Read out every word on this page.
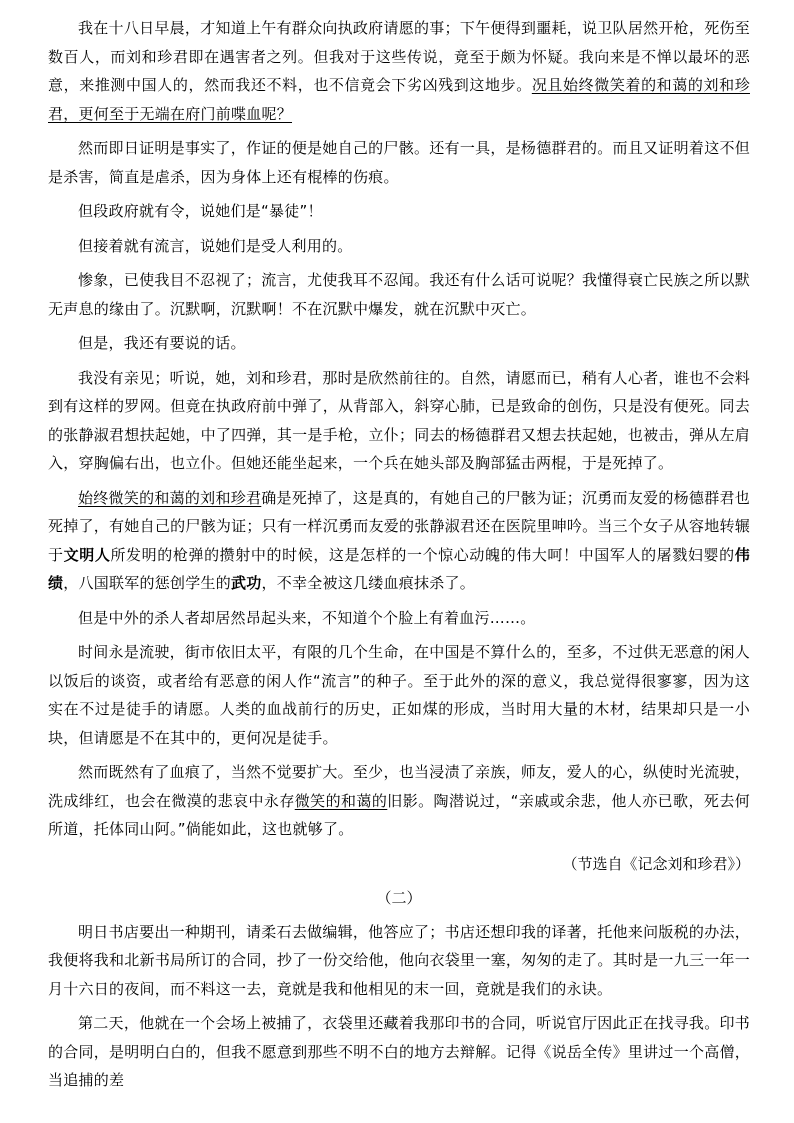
我在十八日早晨，才知道上午有群众向执政府请愿的事；下午便得到噩耗，说卫队居然开枪，死伤至数百人，而刘和珍君即在遇害者之列。但我对于这些传说，竟至于颇为怀疑。我向来是不惮以最坏的恶意，来推测中国人的，然而我还不料，也不信竟会下劣凶残到这地步。况且始终微笑着的和蔼的刘和珍君，更何至于无端在府门前喋血呢？

然而即日证明是事实了，作证的便是她自己的尸骸。还有一具，是杨德群君的。而且又证明着这不但是杀害，简直是虐杀，因为身体上还有棍棒的伤痕。

但段政府就有令，说她们是“暴徒”！

但接着就有流言，说她们是受人利用的。

惨象，已使我目不忍视了；流言，尤使我耳不忍闻。我还有什么话可说呢？我懂得衰亡民族之所以默无声息的缘由了。沉默啊，沉默啊！不在沉默中爆发，就在沉默中灭亡。

但是，我还有要说的话。

我没有亲见；听说，她，刘和珍君，那时是欣然前往的。自然，请愿而已，稍有人心者，谁也不会料到有这样的罗网。但竟在执政府前中弹了，从背部入，斜穿心肺，已是致命的创伤，只是没有便死。同去的张静淑君想扶起她，中了四弹，其一是手枪，立仆；同去的杨德群君又想去扶起她，也被击，弹从左肩入，穿胸偏右出，也立仆。但她还能坐起来，一个兵在她头部及胸部猛击两棍，于是死掉了。

始终微笑的和蔼的刘和珍君确是死掉了，这是真的，有她自己的尸骸为证；沉勇而友爱的杨德群君也死掉了，有她自己的尸骸为证；只有一样沉勇而友爱的张静淑君还在医院里呻吟。当三个女子从容地转辗于文明人所发明的枪弹的攒射中的时候，这是怎样的一个惊心动魄的伟大呵！中国军人的屠戮妇婴的伟绩，八国联军的惩创学生的武功，不幸全被这几缕血痕抹杀了。

但是中外的杀人者却居然昂起头来，不知道个个脸上有着血污……。

时间永是流驶，街市依旧太平，有限的几个生命，在中国是不算什么的，至多，不过供无恶意的闲人以饭后的谈资，或者给有恶意的闲人作“流言”的种子。至于此外的深的意义，我总觉得很寥寥，因为这实在不过是徒手的请愿。人类的血战前行的历史，正如煤的形成，当时用大量的木材，结果却只是一小块，但请愿是不在其中的，更何况是徒手。

然而既然有了血痕了，当然不觉要扩大。至少，也当浸渍了亲族，师友，爱人的心，纵使时光流驶，洗成绯红，也会在微漠的悲哀中永存微笑的和蔼的旧影。陶潜说过，“亲戚或余悲，他人亦已歌，死去何所道，托体同山阿。”倘能如此，这也就够了。

（节选自《记念刘和珍君》）

（二）

明日书店要出一种期刊，请柔石去做编辑，他答应了；书店还想印我的译著，托他来问版税的办法，我便将我和北新书局所订的合同，抄了一份交给他，他向衣袋里一塞，匆匆的走了。其时是一九三一年一月十六日的夜间，而不料这一去，竟就是我和他相见的末一回，竟就是我们的永诀。

第二天，他就在一个会场上被捕了，衣袋里还藏着我那印书的合同，听说官厅因此正在找寻我。印书的合同，是明明白白的，但我不愿意到那些不明不白的地方去辩解。记得《说岳全传》里讲过一个高僧，当追捕的差
